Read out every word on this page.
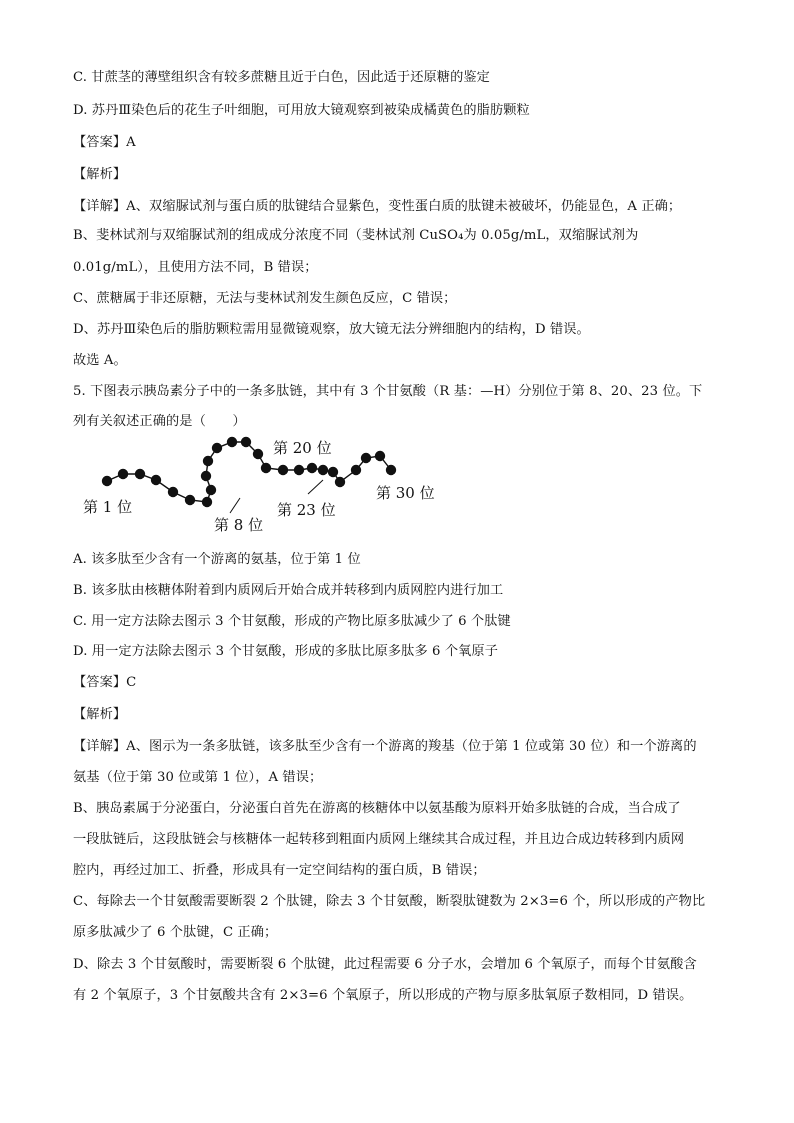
C. 甘蔗茎的薄壁组织含有较多蔗糖且近于白色，因此适于还原糖的鉴定
D. 苏丹Ⅲ染色后的花生子叶细胞，可用放大镜观察到被染成橘黄色的脂肪颗粒
【答案】A
【解析】
【详解】A、双缩脲试剂与蛋白质的肽键结合显紫色，变性蛋白质的肽键未被破坏，仍能显色，A 正确；
B、斐林试剂与双缩脲试剂的组成成分浓度不同（斐林试剂 CuSO₄为 0.05g/mL，双缩脲试剂为
0.01g/mL），且使用方法不同，B 错误；
C、蔗糖属于非还原糖，无法与斐林试剂发生颜色反应，C 错误；
D、苏丹Ⅲ染色后的脂肪颗粒需用显微镜观察，放大镜无法分辨细胞内的结构，D 错误。
故选 A。
5. 下图表示胰岛素分子中的一条多肽链，其中有 3 个甘氨酸（R 基：—H）分别位于第 8、20、23 位。下
列有关叙述正确的是（　　）
第 1 位
第 8 位
第 20 位
第 23 位
第 30 位
A. 该多肽至少含有一个游离的氨基，位于第 1 位
B. 该多肽由核糖体附着到内质网后开始合成并转移到内质网腔内进行加工
C. 用一定方法除去图示 3 个甘氨酸，形成的产物比原多肽减少了 6 个肽键
D. 用一定方法除去图示 3 个甘氨酸，形成的多肽比原多肽多 6 个氧原子
【答案】C
【解析】
【详解】A、图示为一条多肽链，该多肽至少含有一个游离的羧基（位于第 1 位或第 30 位）和一个游离的
氨基（位于第 30 位或第 1 位），A 错误；
B、胰岛素属于分泌蛋白，分泌蛋白首先在游离的核糖体中以氨基酸为原料开始多肽链的合成，当合成了
一段肽链后，这段肽链会与核糖体一起转移到粗面内质网上继续其合成过程，并且边合成边转移到内质网
腔内，再经过加工、折叠，形成具有一定空间结构的蛋白质，B 错误；
C、每除去一个甘氨酸需要断裂 2 个肽键，除去 3 个甘氨酸，断裂肽键数为 2×3=6 个，所以形成的产物比
原多肽减少了 6 个肽键，C 正确；
D、除去 3 个甘氨酸时，需要断裂 6 个肽键，此过程需要 6 分子水，会增加 6 个氧原子，而每个甘氨酸含
有 2 个氧原子，3 个甘氨酸共含有 2×3=6 个氧原子，所以形成的产物与原多肽氧原子数相同，D 错误。
